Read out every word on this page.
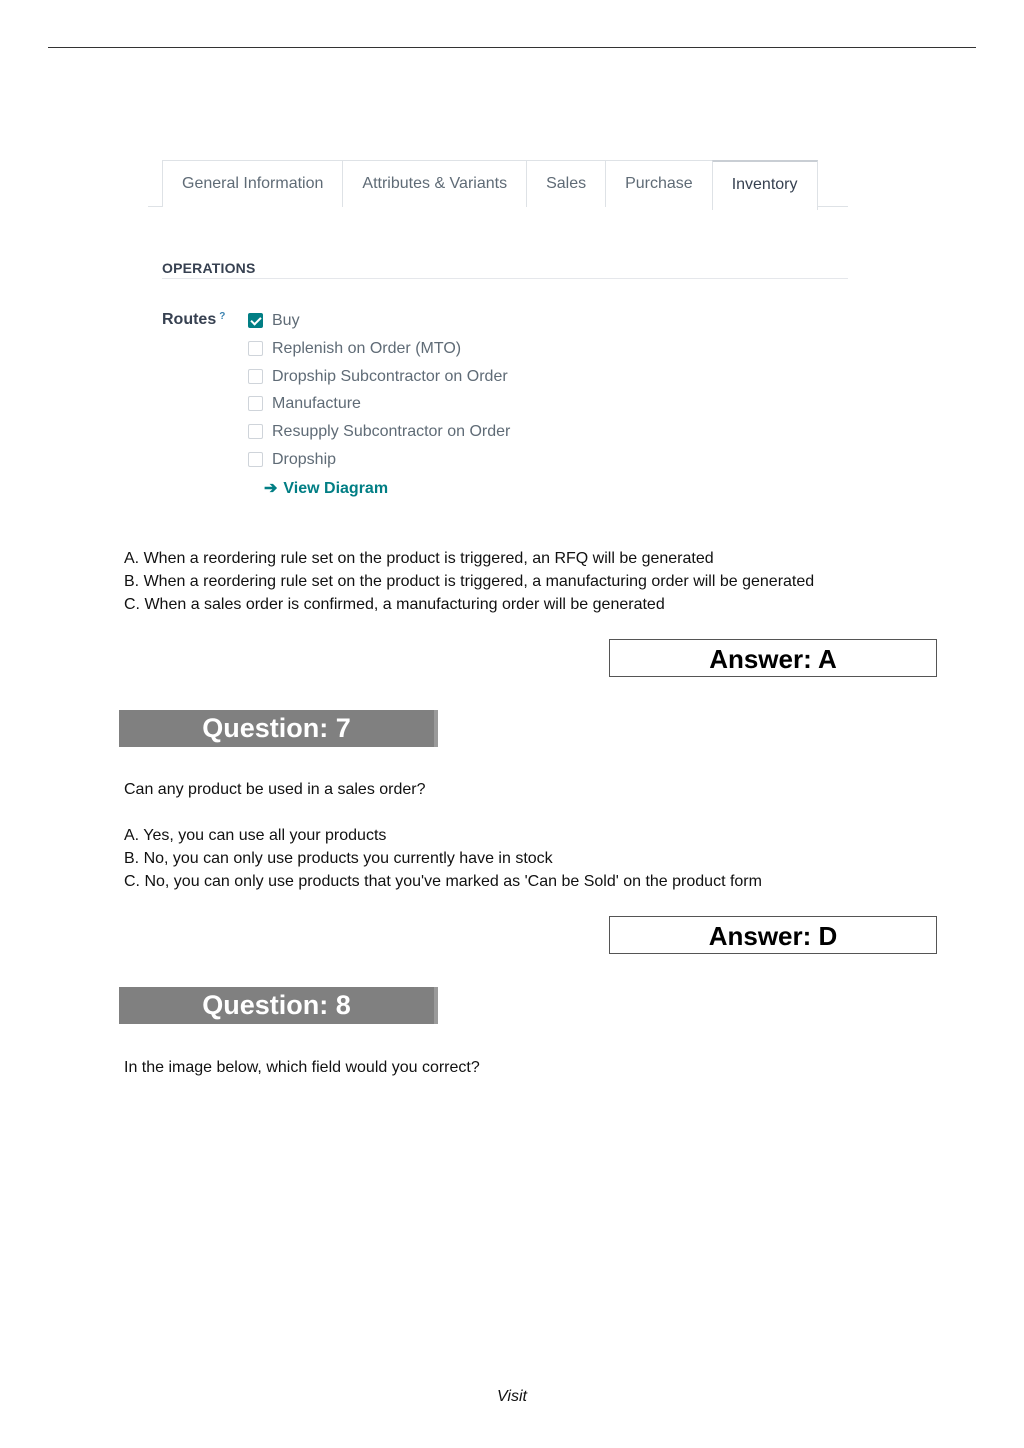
General Information	Attributes & Variants	Sales	Purchase	Inventory
OPERATIONS
Routes ?	Buy
Replenish on Order (MTO)
Dropship Subcontractor on Order
Manufacture
Resupply Subcontractor on Order
Dropship
➔ View Diagram
A. When a reordering rule set on the product is triggered, an RFQ will be generated
B. When a reordering rule set on the product is triggered, a manufacturing order will be generated
C. When a sales order is confirmed, a manufacturing order will be generated
Answer: A
Question: 7
Can any product be used in a sales order?
A. Yes, you can use all your products
B. No, you can only use products you currently have in stock
C. No, you can only use products that you've marked as 'Can be Sold' on the product form
Answer: D
Question: 8
In the image below, which field would you correct?
Visit
